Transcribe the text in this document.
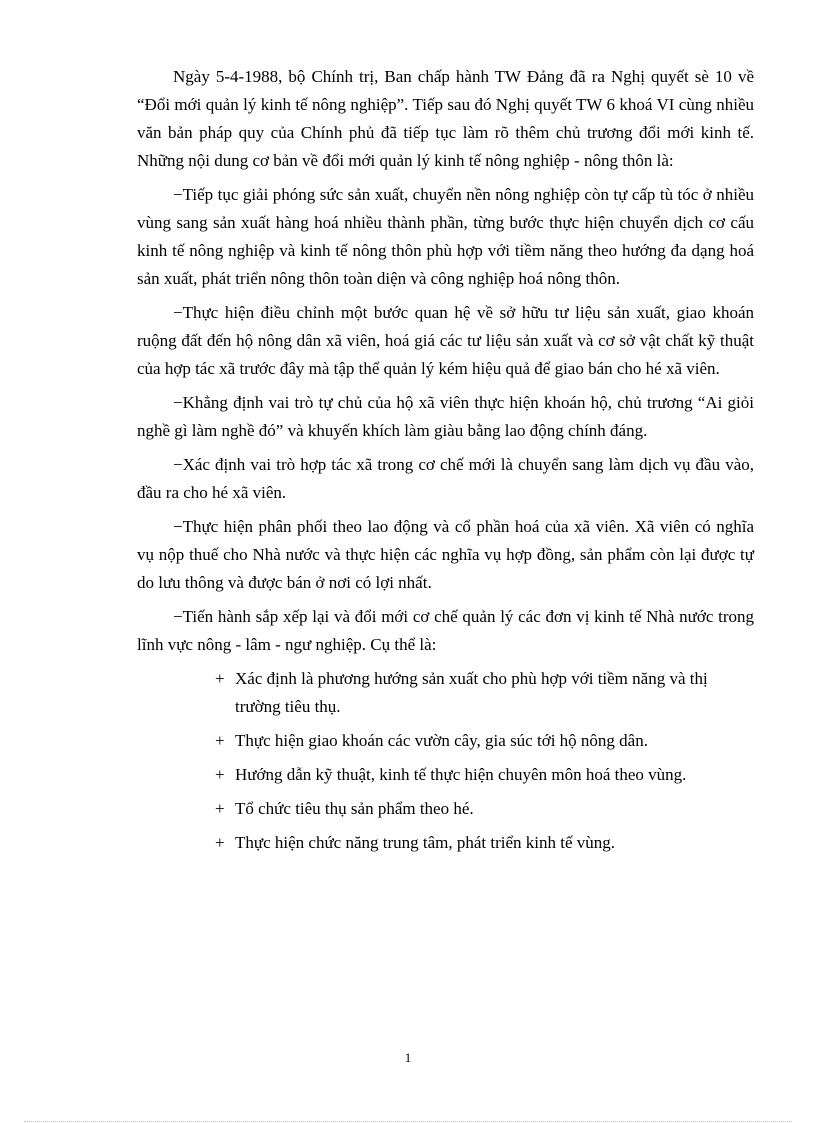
Ngày 5-4-1988, bộ Chính trị, Ban chấp hành TW Đảng đã ra Nghị quyết sè 10 về “Đổi mới quản lý kinh tế nông nghiệp”. Tiếp sau đó Nghị quyết TW 6 khoá VI cùng nhiều văn bản pháp quy của Chính phủ đã tiếp tục làm rõ thêm chủ trương đổi mới kinh tế. Những nội dung cơ bản về đổi mới quản lý kinh tế nông nghiệp - nông thôn là:

−Tiếp tục giải phóng sức sản xuất, chuyển nền nông nghiệp còn tự cấp tù tóc ở nhiều vùng sang sản xuất hàng hoá nhiều thành phần, từng bước thực hiện chuyển dịch cơ cấu kinh tế nông nghiệp và kinh tế nông thôn phù hợp với tiềm năng theo hướng đa dạng hoá sản xuất, phát triển nông thôn toàn diện và công nghiệp hoá nông thôn.

−Thực hiện điều chỉnh một bước quan hệ về sở hữu tư liệu sản xuất, giao khoán ruộng đất đến hộ nông dân xã viên, hoá giá các tư liệu sản xuất và cơ sở vật chất kỹ thuật của hợp tác xã trước đây mà tập thể quản lý kém hiệu quả để giao bán cho hé xã viên.

−Khẳng định vai trò tự chủ của hộ xã viên thực hiện khoán hộ, chủ trương “Ai giỏi nghề gì làm nghề đó” và khuyến khích làm giàu bằng lao động chính đáng.

−Xác định vai trò hợp tác xã trong cơ chế mới là chuyển sang làm dịch vụ đầu vào, đầu ra cho hé xã viên.

−Thực hiện phân phối theo lao động và cổ phần hoá của xã viên. Xã viên có nghĩa vụ nộp thuế cho Nhà nước và thực hiện các nghĩa vụ hợp đồng, sản phẩm còn lại được tự do lưu thông và được bán ở nơi có lợi nhất.

−Tiến hành sắp xếp lại và đổi mới cơ chế quản lý các đơn vị kinh tế Nhà nước trong lĩnh vực nông - lâm - ngư nghiệp. Cụ thể là:

+ Xác định là phương hướng sản xuất cho phù hợp với tiềm năng và thị trường tiêu thụ.
+ Thực hiện giao khoán các vườn cây, gia súc tới hộ nông dân.
+ Hướng dẫn kỹ thuật, kinh tế thực hiện chuyên môn hoá theo vùng.
+ Tổ chức tiêu thụ sản phẩm theo hé.
+ Thực hiện chức năng trung tâm, phát triển kinh tế vùng.
1
